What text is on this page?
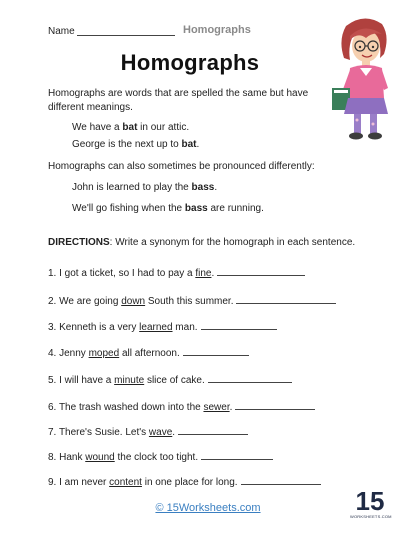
Name	Homographs
Homographs
Homographs are words that are spelled the same but have different meanings.
We have a bat in our attic.
George is the next up to bat.
Homographs can also sometimes be pronounced differently:
John is learned to play the bass.
We'll go fishing when the bass are running.
DIRECTIONS: Write a synonym for the homograph in each sentence.
1. I got a ticket, so I had to pay a fine.
2. We are going down South this summer.
3. Kenneth is a very learned man.
4. Jenny moped all afternoon.
5. I will have a minute slice of cake.
6. The trash washed down into the sewer.
7. There's Susie. Let's wave.
8. Hank wound the clock too tight.
9. I am never content in one place for long.
© 15Worksheets.com	15
WORKSHEETS.COM
